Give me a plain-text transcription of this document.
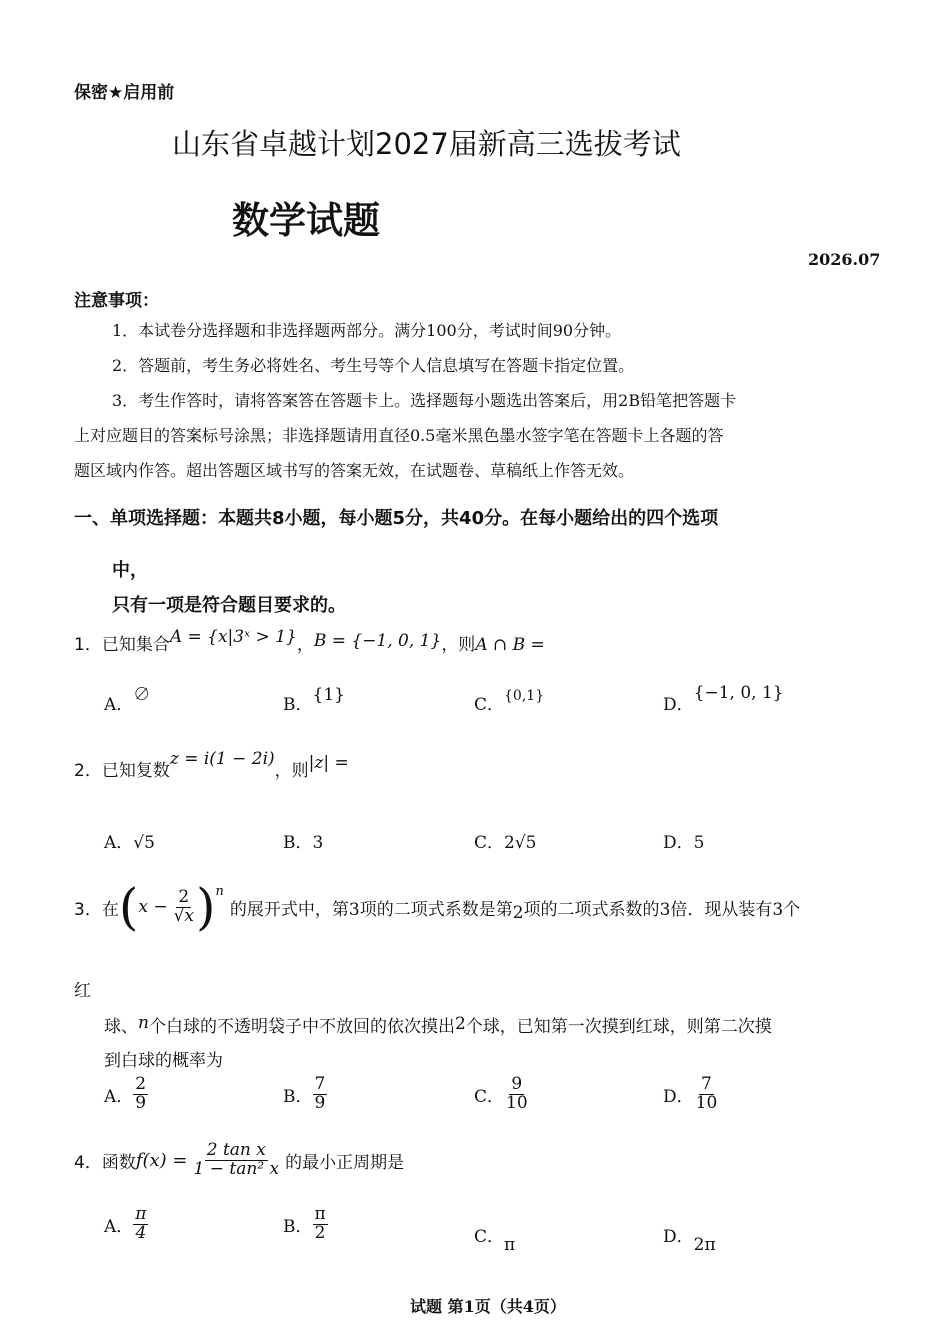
保密★启用前
山东省卓越计划2027届新高三选拔考试
数学试题
2026.07
注意事项：
1．本试卷分选择题和非选择题两部分。满分100分，考试时间90分钟。
2．答题前，考生务必将姓名、考生号等个人信息填写在答题卡指定位置。
3．考生作答时，请将答案答在答题卡上。选择题每小题选出答案后，用2B铅笔把答题卡
上对应题目的答案标号涂黑；非选择题请用直径0.5毫米黑色墨水签字笔在答题卡上各题的答
题区域内作答。超出答题区域书写的答案无效，在试题卷、草稿纸上作答无效。
一、单项选择题：本题共8小题，每小题5分，共40分。在每小题给出的四个选项
中，
只有一项是符合题目要求的。
1．已知集合A = {x|3ˣ > 1}，B = {−1, 0, 1}，则A ∩ B =
A．∅	B．{1}	C．$^{\{0,1\}}$	D．{−1, 0, 1}
2．已知复数z = i(1 − 2i)，则|z| =
A．√5	B．3	C．2√5	D．5
3．在 ( $x - \frac{2}{√x}$ ) n
的展开式中，第3项的二项式系数是第2项的二项式系数的3倍．现从装有3个
红
球、n个白球的不透明袋子中不放回的依次摸出2个球，已知第一次摸到红球，则第二次摸
到白球的概率为
A． $\frac{2}{9}$	B． $\frac{7}{9}$	C． $\frac{9}{10}$	D． $\frac{7}{10}$
4．函数 $f(x) = \frac{\text{2 tan x}}{\text{1 − tan² x}}$ 的最小正周期是
A． $\frac{\pi}{4}$	B． $\frac{\pi}{2}$	C．π	D．2π
试题 第1页（共4页）
